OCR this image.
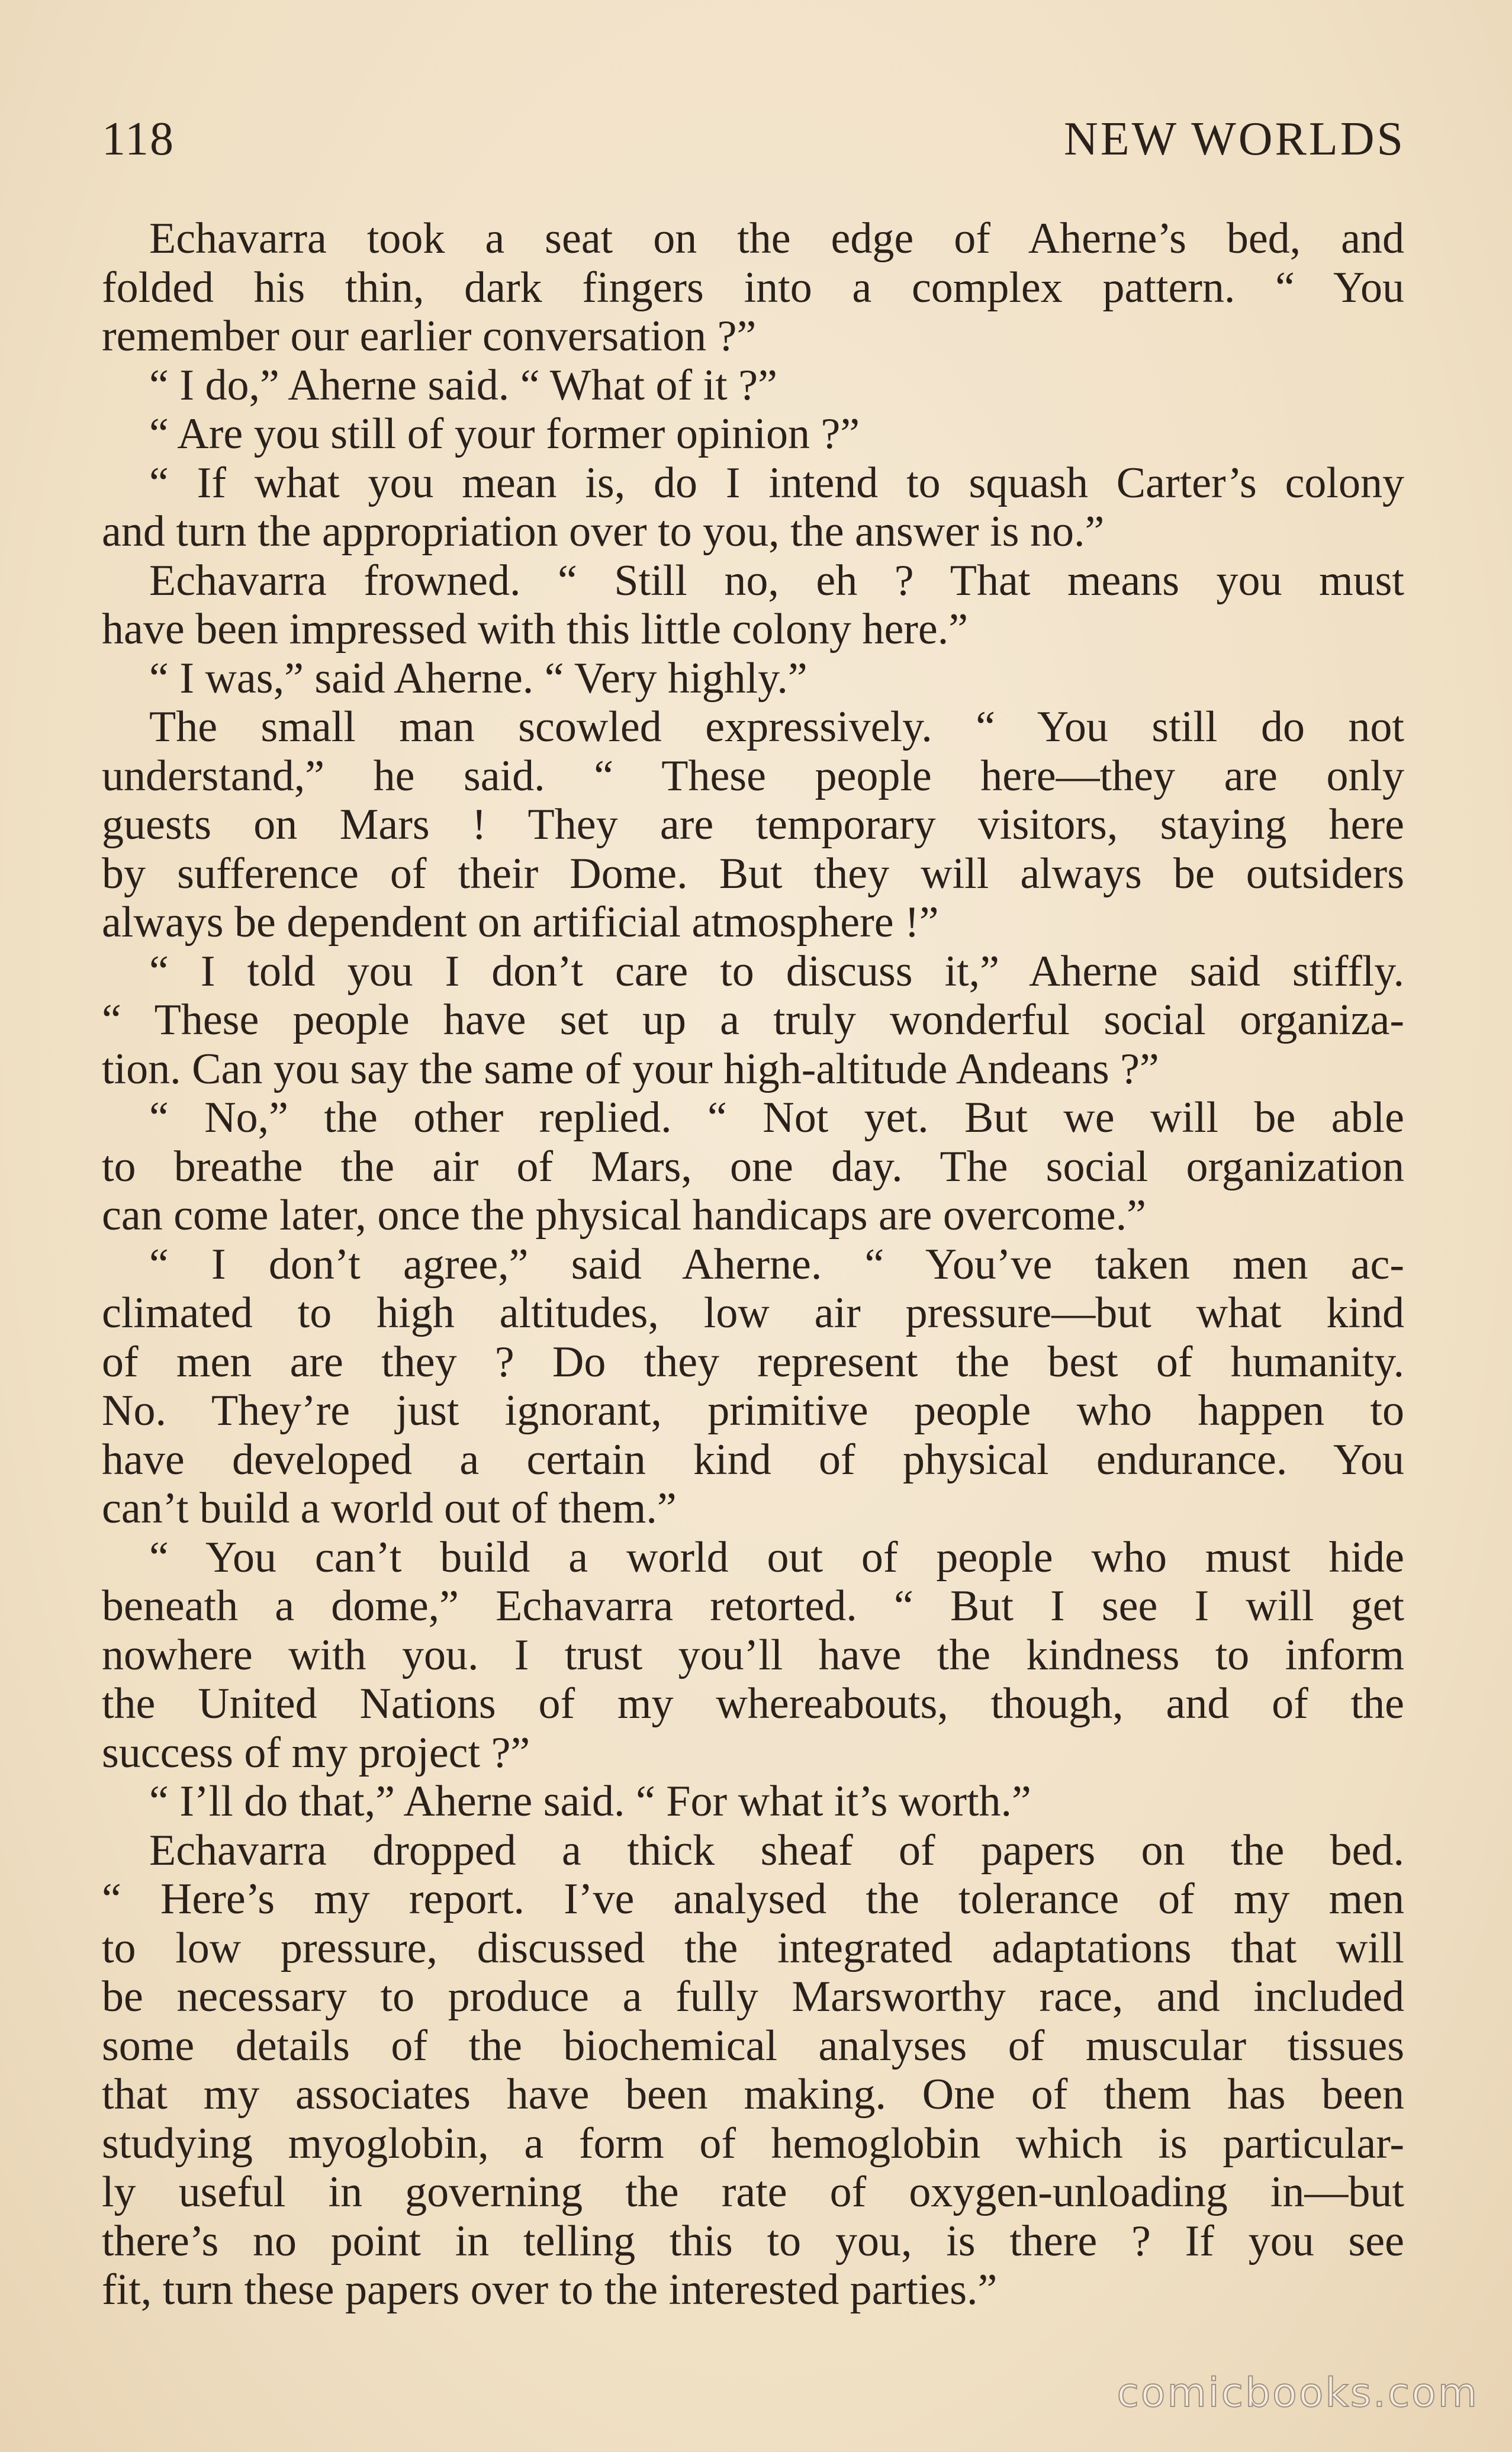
118	NEW WORLDS
Echavarra took a seat on the edge of Aherne’s bed, and
folded his thin, dark fingers into a complex pattern. “ You
remember our earlier conversation ?”
“ I do,” Aherne said. “ What of it ?”
“ Are you still of your former opinion ?”
“ If what you mean is, do I intend to squash Carter’s colony
and turn the appropriation over to you, the answer is no.”
Echavarra frowned. “ Still no, eh ? That means you must
have been impressed with this little colony here.”
“ I was,” said Aherne. “ Very highly.”
The small man scowled expressively. “ You still do not
understand,” he said. “ These people here—they are only
guests on Mars ! They are temporary visitors, staying here
by sufference of their Dome. But they will always be outsiders
always be dependent on artificial atmosphere !”
“ I told you I don’t care to discuss it,” Aherne said stiffly.
“ These people have set up a truly wonderful social organiza-
tion. Can you say the same of your high-altitude Andeans ?”
“ No,” the other replied. “ Not yet. But we will be able
to breathe the air of Mars, one day. The social organization
can come later, once the physical handicaps are overcome.”
“ I don’t agree,” said Aherne. “ You’ve taken men ac-
climated to high altitudes, low air pressure—but what kind
of men are they ? Do they represent the best of humanity.
No. They’re just ignorant, primitive people who happen to
have developed a certain kind of physical endurance. You
can’t build a world out of them.”
“ You can’t build a world out of people who must hide
beneath a dome,” Echavarra retorted. “ But I see I will get
nowhere with you. I trust you’ll have the kindness to inform
the United Nations of my whereabouts, though, and of the
success of my project ?”
“ I’ll do that,” Aherne said. “ For what it’s worth.”
Echavarra dropped a thick sheaf of papers on the bed.
“ Here’s my report. I’ve analysed the tolerance of my men
to low pressure, discussed the integrated adaptations that will
be necessary to produce a fully Marsworthy race, and included
some details of the biochemical analyses of muscular tissues
that my associates have been making. One of them has been
studying myoglobin, a form of hemoglobin which is particular-
ly useful in governing the rate of oxygen-unloading in—but
there’s no point in telling this to you, is there ? If you see
fit, turn these papers over to the interested parties.”
comicbooks.com
